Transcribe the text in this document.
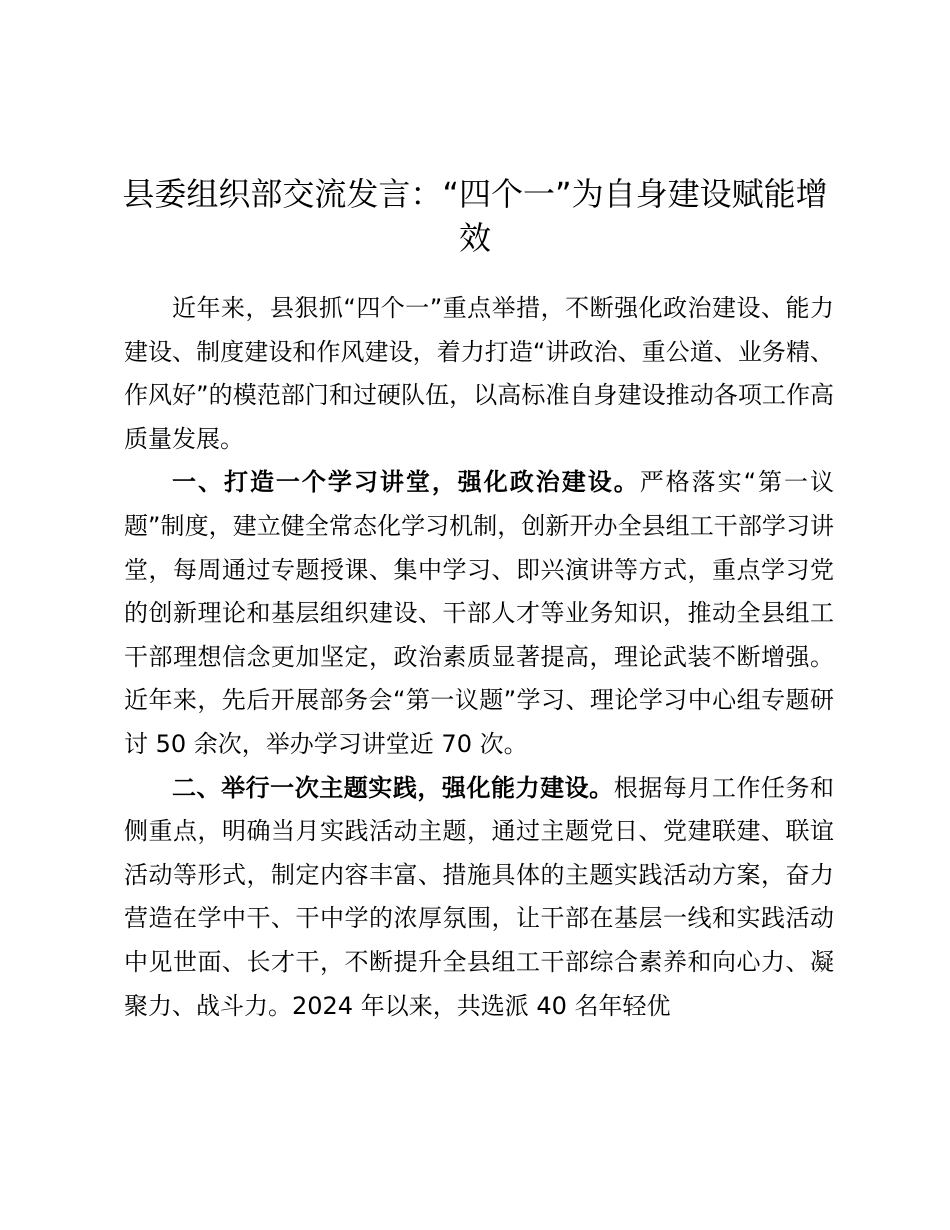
县委组织部交流发言：“四个一”为自身建设赋能增效

近年来，县狠抓“四个一”重点举措，不断强化政治建设、能力建设、制度建设和作风建设，着力打造“讲政治、重公道、业务精、作风好”的模范部门和过硬队伍，以高标准自身建设推动各项工作高质量发展。

一、打造一个学习讲堂，强化政治建设。严格落实“第一议题”制度，建立健全常态化学习机制，创新开办全县组工干部学习讲堂，每周通过专题授课、集中学习、即兴演讲等方式，重点学习党的创新理论和基层组织建设、干部人才等业务知识，推动全县组工干部理想信念更加坚定，政治素质显著提高，理论武装不断增强。近年来，先后开展部务会“第一议题”学习、理论学习中心组专题研讨 50 余次，举办学习讲堂近 70 次。

二、举行一次主题实践，强化能力建设。根据每月工作任务和侧重点，明确当月实践活动主题，通过主题党日、党建联建、联谊活动等形式，制定内容丰富、措施具体的主题实践活动方案，奋力营造在学中干、干中学的浓厚氛围，让干部在基层一线和实践活动中见世面、长才干，不断提升全县组工干部综合素养和向心力、凝聚力、战斗力。2024 年以来，共选派 40 名年轻优
